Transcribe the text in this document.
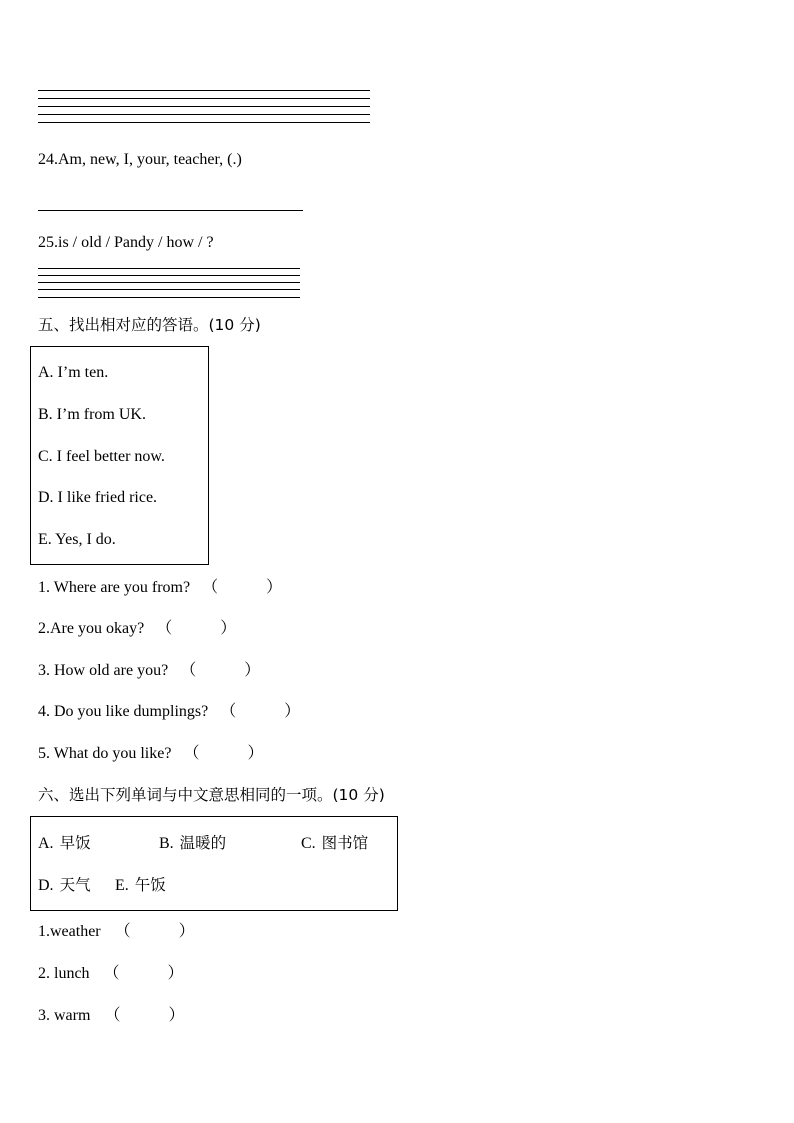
24.Am, new, I, your, teacher, (.)
25.is / old / Pandy / how / ?
五、找出相对应的答语。(10 分)
A. I’m ten.
B. I’m from UK.
C. I feel better now.
D. I like fried rice.
E. Yes, I do.
1. Where are you from? （　　　）
2.Are you okay? （　　　）
3. How old are you? （　　　）
4. Do you like dumplings? （　　　）
5. What do you like? （　　　）
六、选出下列单词与中文意思相同的一项。(10 分)
A. 早饭	B. 温暖的	C. 图书馆
D. 天气 E. 午饭
1.weather （　　　）
2. lunch （　　　）
3. warm （　　　）
